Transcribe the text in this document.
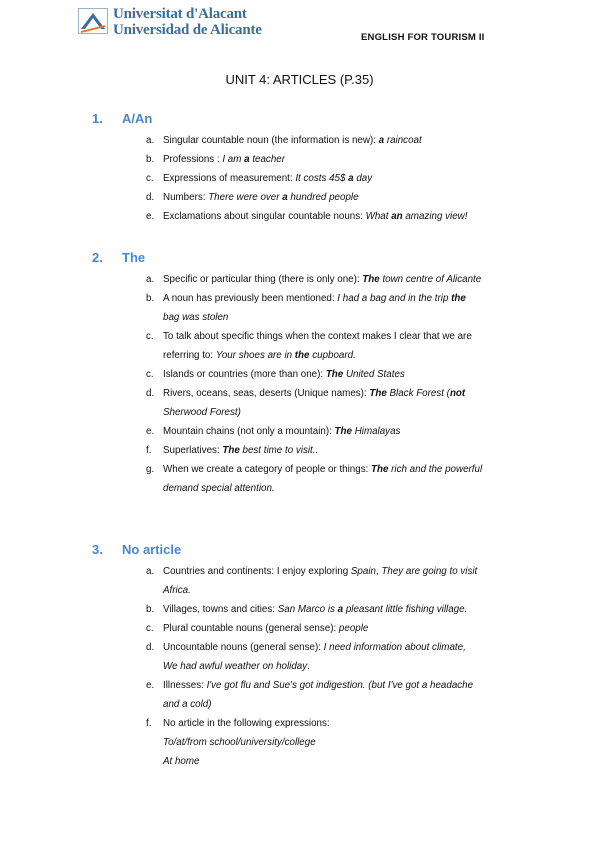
Universitat d'Alacant
Universidad de Alicante	ENGLISH FOR TOURISM II
UNIT 4: ARTICLES (P.35)
1. A/An
2. The
3. No article
a. Singular countable noun (the information is new): a raincoat
b. Professions : I am a teacher
c. Expressions of measurement: It costs 45$ a day
d. Numbers: There were over a hundred people
e. Exclamations about singular countable nouns: What an amazing view!
a. Specific or particular thing (there is only one): The town centre of Alicante
b. A noun has previously been mentioned: I had a bag and in the trip the
bag was stolen
c. To talk about specific things when the context makes I clear that we are
referring to: Your shoes are in the cupboard.
c. Islands or countries (more than one): The United States
d. Rivers, oceans, seas, deserts (Unique names): The Black Forest (not
Sherwood Forest)
e. Mountain chains (not only a mountain): The Himalayas
f. Superlatives: The best time to visit..
g. When we create a category of people or things: The rich and the powerful
demand special attention.
a. Countries and continents: I enjoy exploring Spain, They are going to visit
Africa.
b. Villages, towns and cities: San Marco is a pleasant little fishing village.
c. Plural countable nouns (general sense): people
d. Uncountable nouns (general sense): I need information about climate,
We had awful weather on holiday.
e. Illnesses: I've got flu and Sue's got indigestion. (but I've got a headache
and a cold)
f. No article in the following expressions:
To/at/from school/university/college
At home
